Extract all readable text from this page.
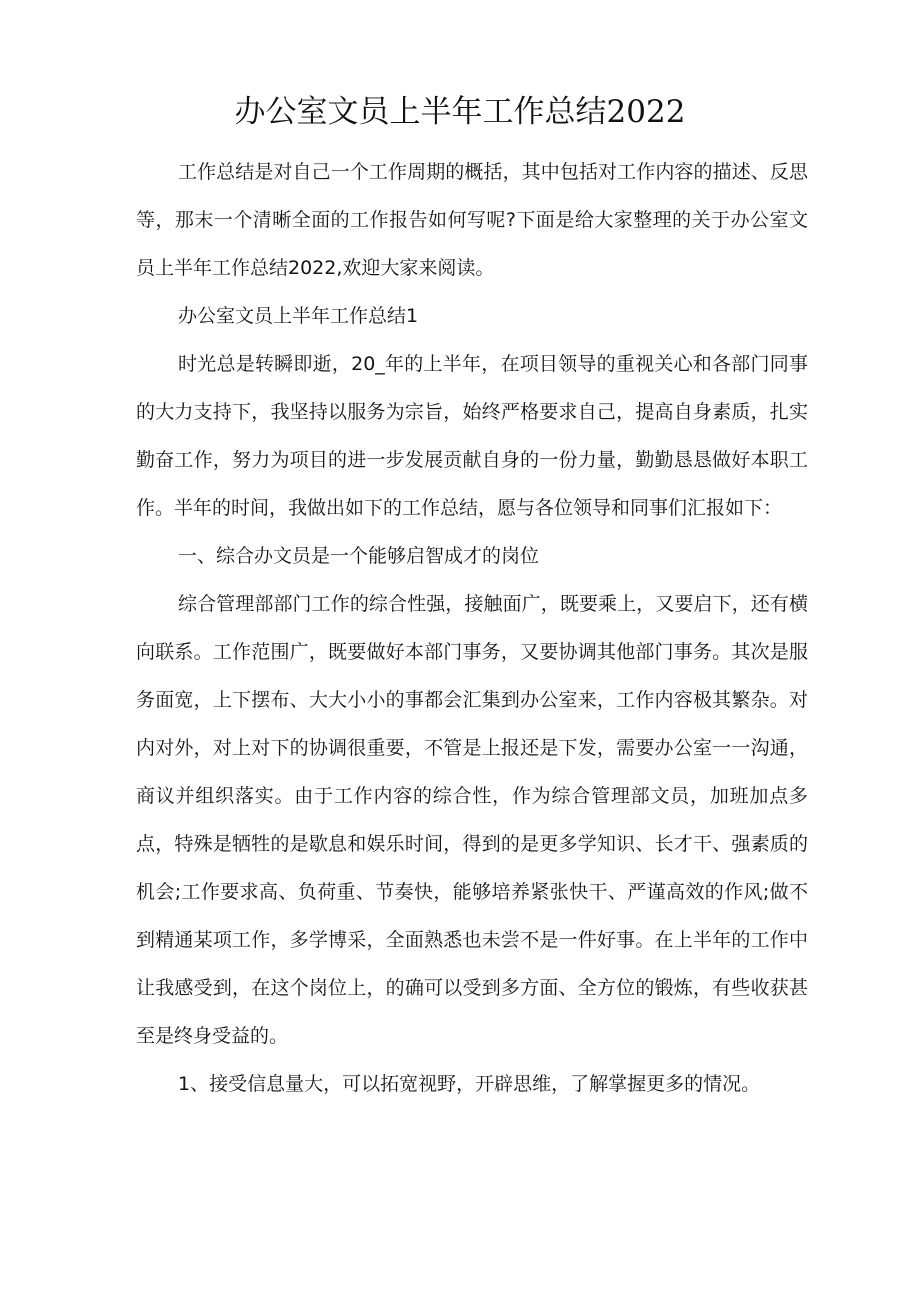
办公室文员上半年工作总结2022

工作总结是对自己一个工作周期的概括，其中包括对工作内容的描述、反思等，那末一个清晰全面的工作报告如何写呢?下面是给大家整理的关于办公室文员上半年工作总结2022,欢迎大家来阅读。

办公室文员上半年工作总结1

时光总是转瞬即逝，20_年的上半年，在项目领导的重视关心和各部门同事的大力支持下，我坚持以服务为宗旨，始终严格要求自己，提高自身素质，扎实勤奋工作，努力为项目的进一步发展贡献自身的一份力量，勤勤恳恳做好本职工作。半年的时间，我做出如下的工作总结，愿与各位领导和同事们汇报如下：

一、综合办文员是一个能够启智成才的岗位

综合管理部部门工作的综合性强，接触面广，既要乘上，又要启下，还有横向联系。工作范围广，既要做好本部门事务，又要协调其他部门事务。其次是服务面宽，上下摆布、大大小小的事都会汇集到办公室来，工作内容极其繁杂。对内对外，对上对下的协调很重要，不管是上报还是下发，需要办公室一一沟通，商议并组织落实。由于工作内容的综合性，作为综合管理部文员，加班加点多点，特殊是牺牲的是歇息和娱乐时间，得到的是更多学知识、长才干、强素质的机会;工作要求高、负荷重、节奏快，能够培养紧张快干、严谨高效的作风;做不到精通某项工作，多学博采，全面熟悉也未尝不是一件好事。在上半年的工作中让我感受到，在这个岗位上，的确可以受到多方面、全方位的锻炼，有些收获甚至是终身受益的。

1、接受信息量大，可以拓宽视野，开辟思维，了解掌握更多的情况。
